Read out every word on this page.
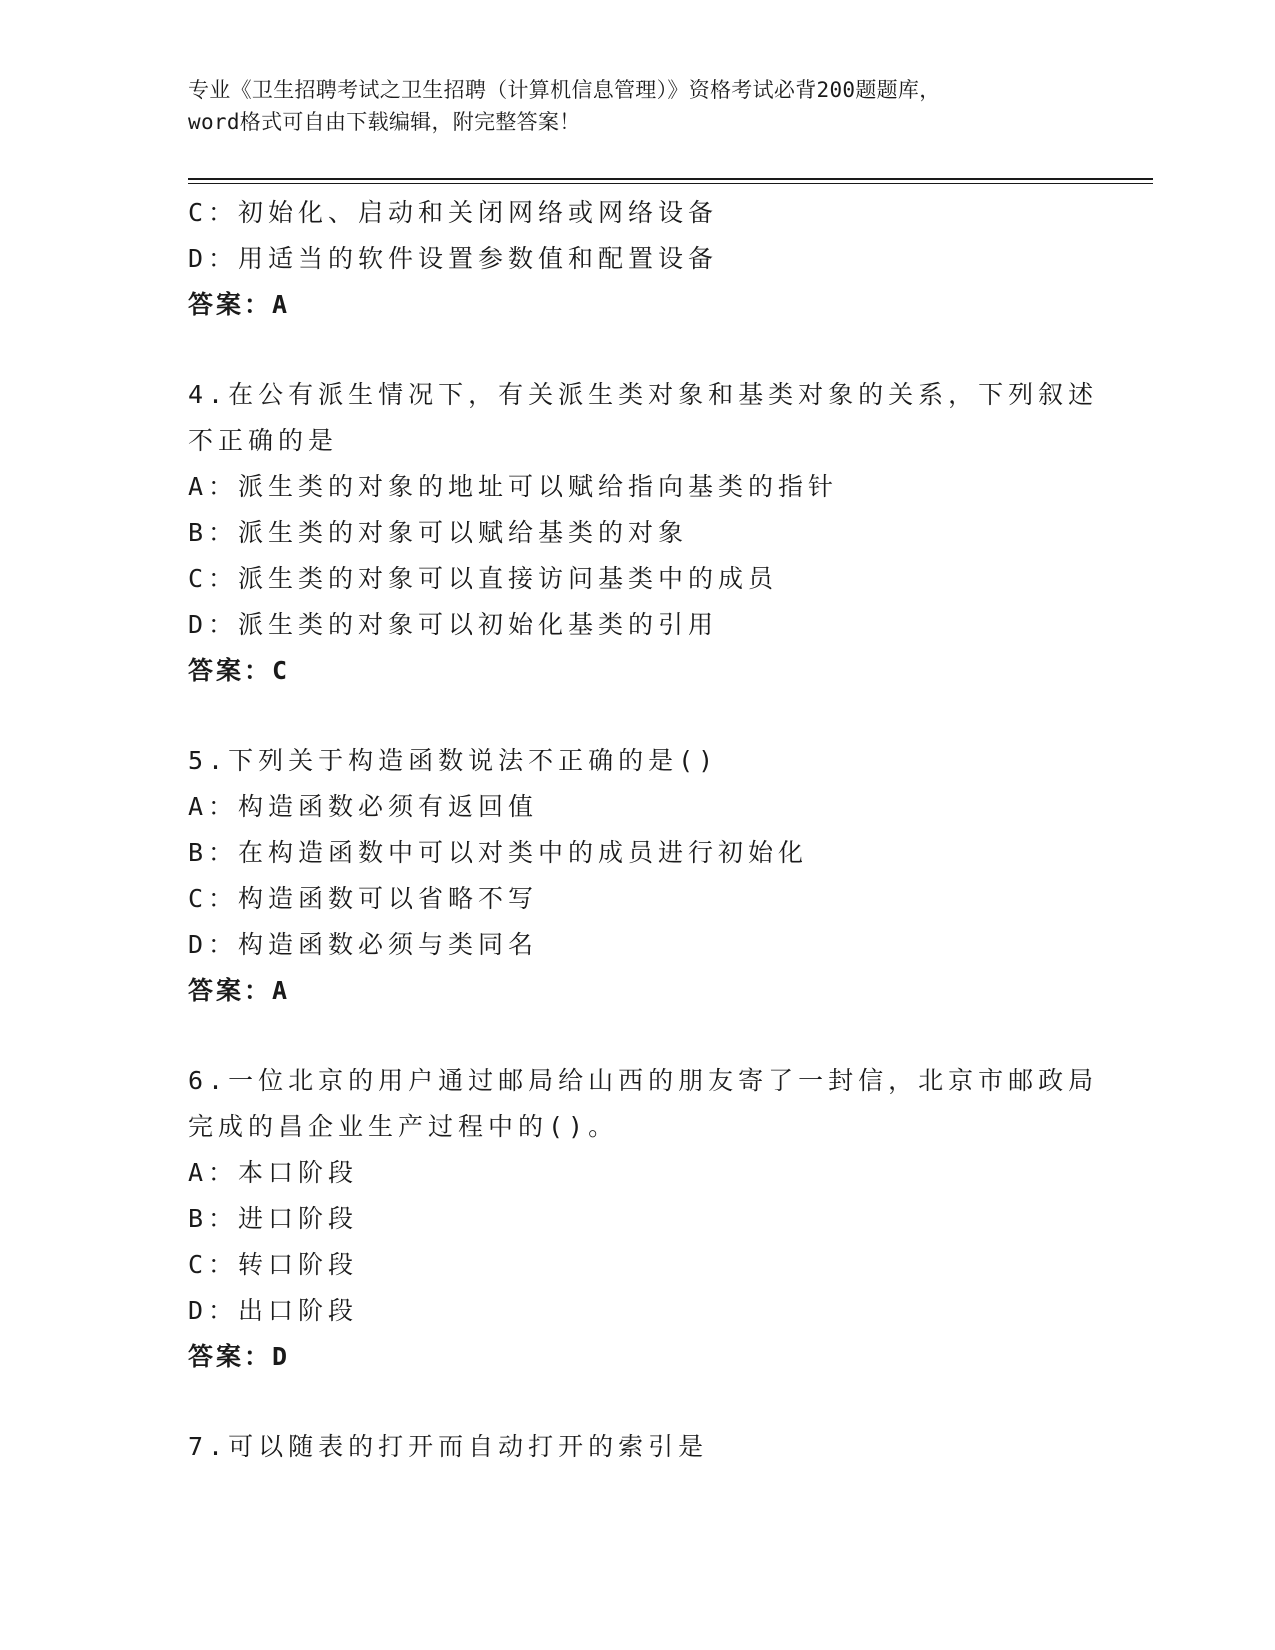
专业《卫生招聘考试之卫生招聘（计算机信息管理）》资格考试必背200题题库，
word格式可自由下载编辑，附完整答案！
C：初始化、启动和关闭网络或网络设备
D：用适当的软件设置参数值和配置设备
答案：A
4.在公有派生情况下，有关派生类对象和基类对象的关系，下列叙述
不正确的是
A：派生类的对象的地址可以赋给指向基类的指针
B：派生类的对象可以赋给基类的对象
C：派生类的对象可以直接访问基类中的成员
D：派生类的对象可以初始化基类的引用
答案：C
5.下列关于构造函数说法不正确的是()
A：构造函数必须有返回值
B：在构造函数中可以对类中的成员进行初始化
C：构造函数可以省略不写
D：构造函数必须与类同名
答案：A
6.一位北京的用户通过邮局给山西的朋友寄了一封信，北京市邮政局
完成的昌企业生产过程中的()。
A：本口阶段
B：进口阶段
C：转口阶段
D：出口阶段
答案：D
7.可以随表的打开而自动打开的索引是
